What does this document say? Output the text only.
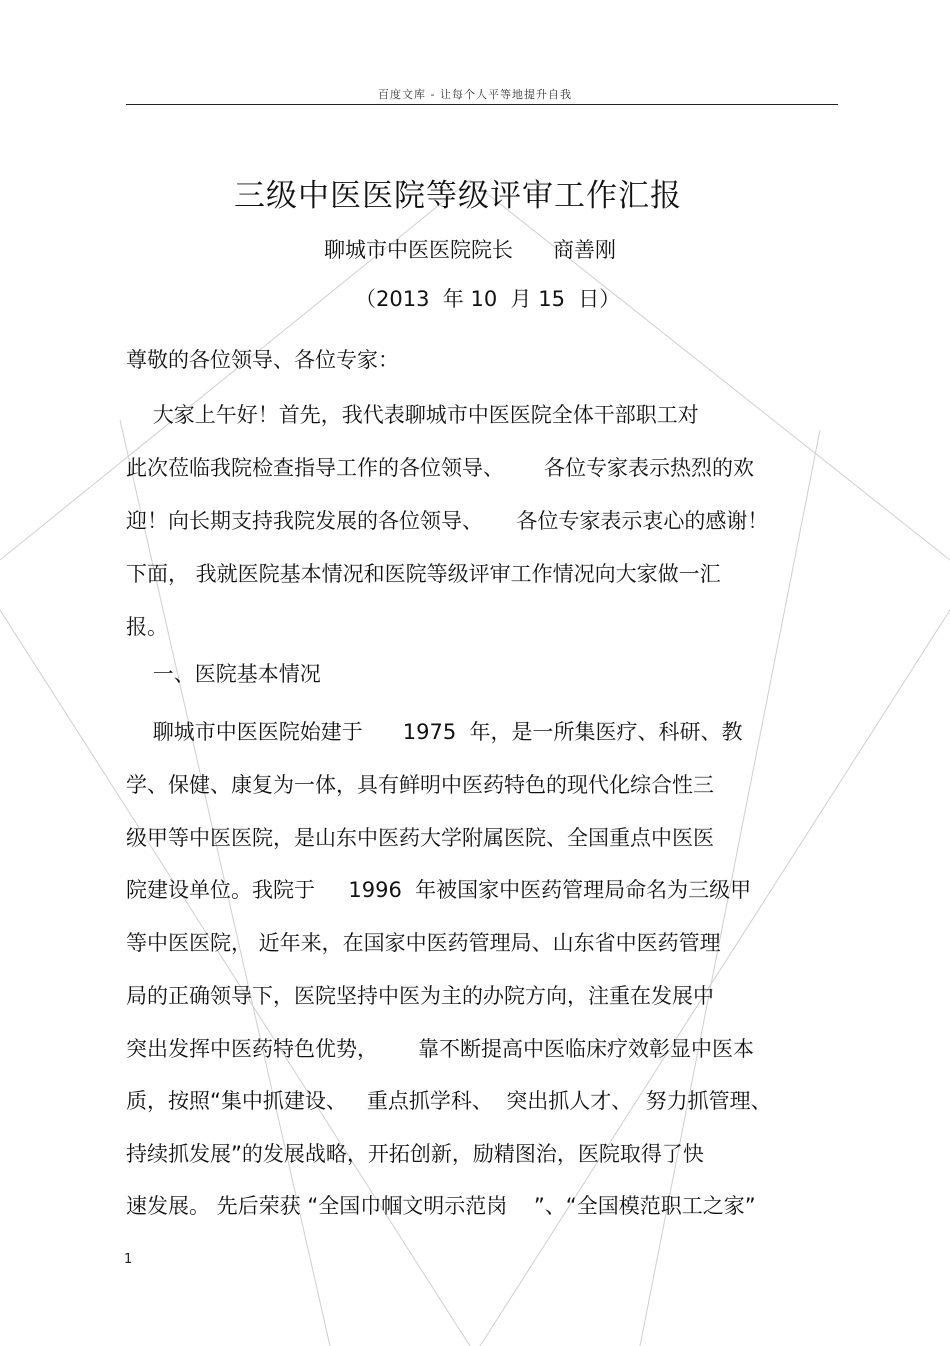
百度文库 - 让每个人平等地提升自我
三级中医医院等级评审工作汇报
聊城市中医医院院长      商善刚
（2013  年 10  月 15  日）
尊敬的各位领导、各位专家：
大家上午好！首先，我代表聊城市中医医院全体干部职工对
此次莅临我院检查指导工作的各位领导、      各位专家表示热烈的欢
迎！向长期支持我院发展的各位领导、     各位专家表示衷心的感谢！
下面， 我就医院基本情况和医院等级评审工作情况向大家做一汇
报。
一、医院基本情况
聊城市中医医院始建于      1975  年，是一所集医疗、科研、教
学、保健、康复为一体，具有鲜明中医药特色的现代化综合性三
级甲等中医医院，是山东中医药大学附属医院、全国重点中医医
院建设单位。我院于     1996  年被国家中医药管理局命名为三级甲
等中医医院， 近年来，在国家中医药管理局、山东省中医药管理
局的正确领导下，医院坚持中医为主的办院方向，注重在发展中
突出发挥中医药特色优势，      靠不断提高中医临床疗效彰显中医本
质，按照“集中抓建设、   重点抓学科、  突出抓人才、  努力抓管理、
持续抓发展”的发展战略，开拓创新，励精图治，医院取得了快
速发展。 先后荣获 “全国巾帼文明示范岗    ”、“全国模范职工之家”
1
